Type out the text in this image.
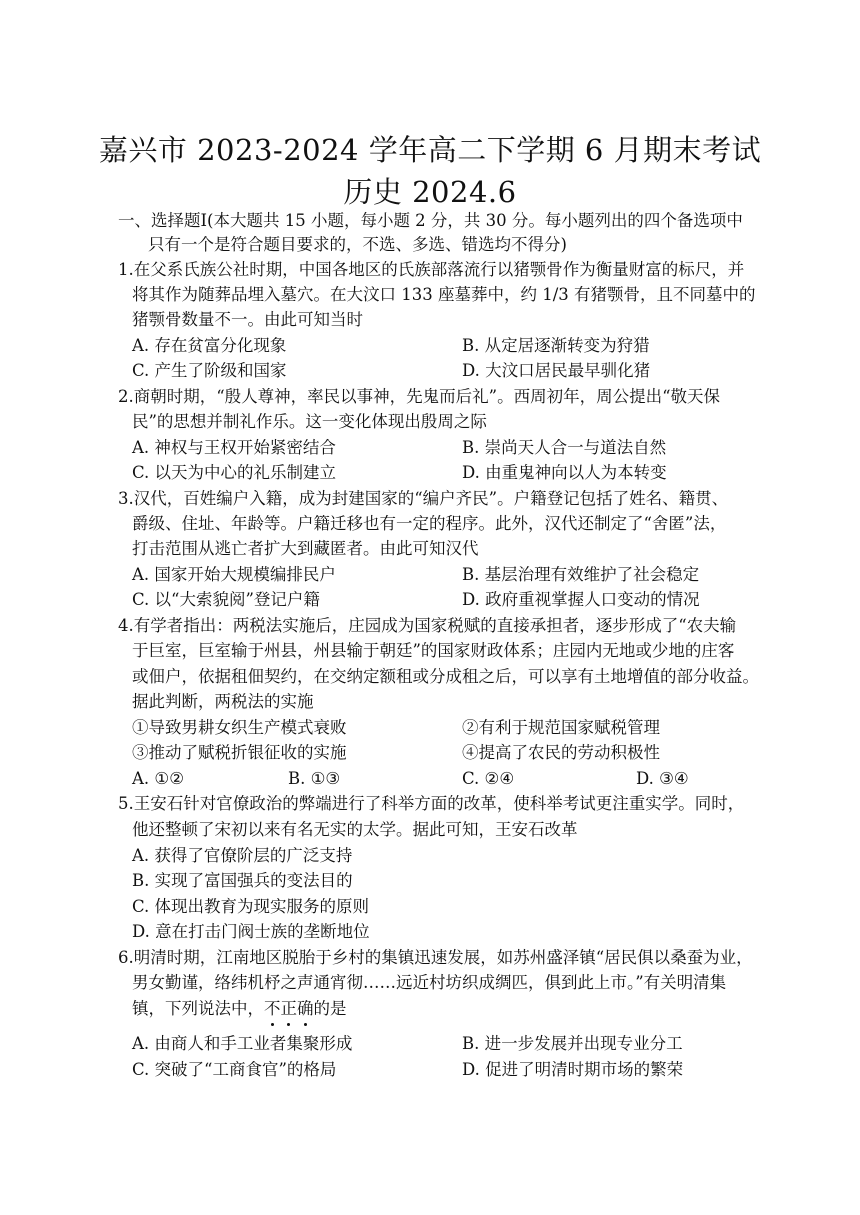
嘉兴市 2023-2024 学年高二下学期 6 月期末考试
历史 2024.6
一、选择题Ⅰ(本大题共 15 小题，每小题 2 分，共 30 分。每小题列出的四个备选项中
只有一个是符合题目要求的，不选、多选、错选均不得分)
1.在父系氏族公社时期，中国各地区的氏族部落流行以猪颚骨作为衡量财富的标尺，并
将其作为随葬品埋入墓穴。在大汶口 133 座墓葬中，约 1/3 有猪颚骨，且不同墓中的
猪颚骨数量不一。由此可知当时
A. 存在贫富分化现象	B. 从定居逐渐转变为狩猎
C. 产生了阶级和国家	D. 大汶口居民最早驯化猪
2.商朝时期，“殷人尊神，率民以事神，先鬼而后礼”。西周初年，周公提出“敬天保
民”的思想并制礼作乐。这一变化体现出殷周之际
A. 神权与王权开始紧密结合	B. 崇尚天人合一与道法自然
C. 以天为中心的礼乐制建立	D. 由重鬼神向以人为本转变
3.汉代，百姓编户入籍，成为封建国家的“编户齐民”。户籍登记包括了姓名、籍贯、
爵级、住址、年龄等。户籍迁移也有一定的程序。此外，汉代还制定了“舍匿”法，
打击范围从逃亡者扩大到藏匿者。由此可知汉代
A. 国家开始大规模编排民户	B. 基层治理有效维护了社会稳定
C. 以“大索貌阅”登记户籍	D. 政府重视掌握人口变动的情况
4.有学者指出：两税法实施后，庄园成为国家税赋的直接承担者，逐步形成了“农夫输
于巨室，巨室输于州县，州县输于朝廷”的国家财政体系；庄园内无地或少地的庄客
或佃户，依据租佃契约，在交纳定额租或分成租之后，可以享有土地增值的部分收益。
据此判断，两税法的实施
①导致男耕女织生产模式衰败	②有利于规范国家赋税管理
③推动了赋税折银征收的实施	④提高了农民的劳动积极性
A. ①②	B. ①③	C. ②④	D. ③④
5.王安石针对官僚政治的弊端进行了科举方面的改革，使科举考试更注重实学。同时，
他还整顿了宋初以来有名无实的太学。据此可知，王安石改革
A. 获得了官僚阶层的广泛支持
B. 实现了富国强兵的变法目的
C. 体现出教育为现实服务的原则
D. 意在打击门阀士族的垄断地位
6.明清时期，江南地区脱胎于乡村的集镇迅速发展，如苏州盛泽镇“居民俱以桑蚕为业，
男女勤谨，络纬机杼之声通宵彻……远近村坊织成绸匹，俱到此上市。”有关明清集
镇，下列说法中，不正确的是
A. 由商人和手工业者集聚形成	B. 进一步发展并出现专业分工
C. 突破了“工商食官”的格局	D. 促进了明清时期市场的繁荣
